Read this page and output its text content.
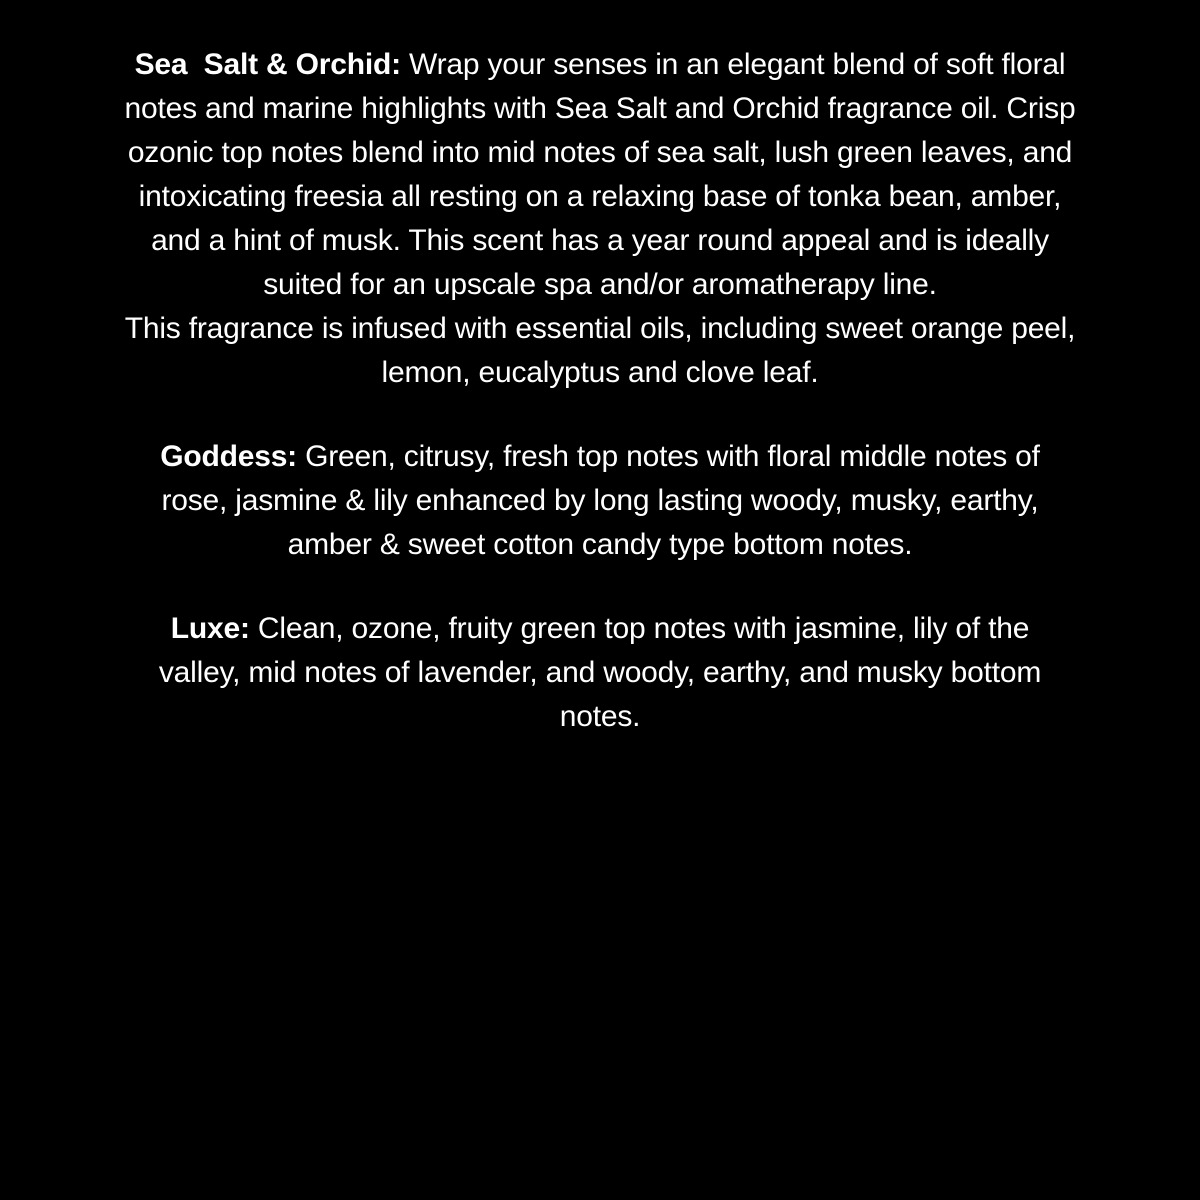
Sea  Salt & Orchid: Wrap your senses in an elegant blend of soft floral
notes and marine highlights with Sea Salt and Orchid fragrance oil. Crisp
ozonic top notes blend into mid notes of sea salt, lush green leaves, and
intoxicating freesia all resting on a relaxing base of tonka bean, amber,
and a hint of musk. This scent has a year round appeal and is ideally
suited for an upscale spa and/or aromatherapy line.
This fragrance is infused with essential oils, including sweet orange peel,
lemon, eucalyptus and clove leaf.
Goddess: Green, citrusy, fresh top notes with floral middle notes of
rose, jasmine & lily enhanced by long lasting woody, musky, earthy,
amber & sweet cotton candy type bottom notes.
Luxe: Clean, ozone, fruity green top notes with jasmine, lily of the
valley, mid notes of lavender, and woody, earthy, and musky bottom
notes.
